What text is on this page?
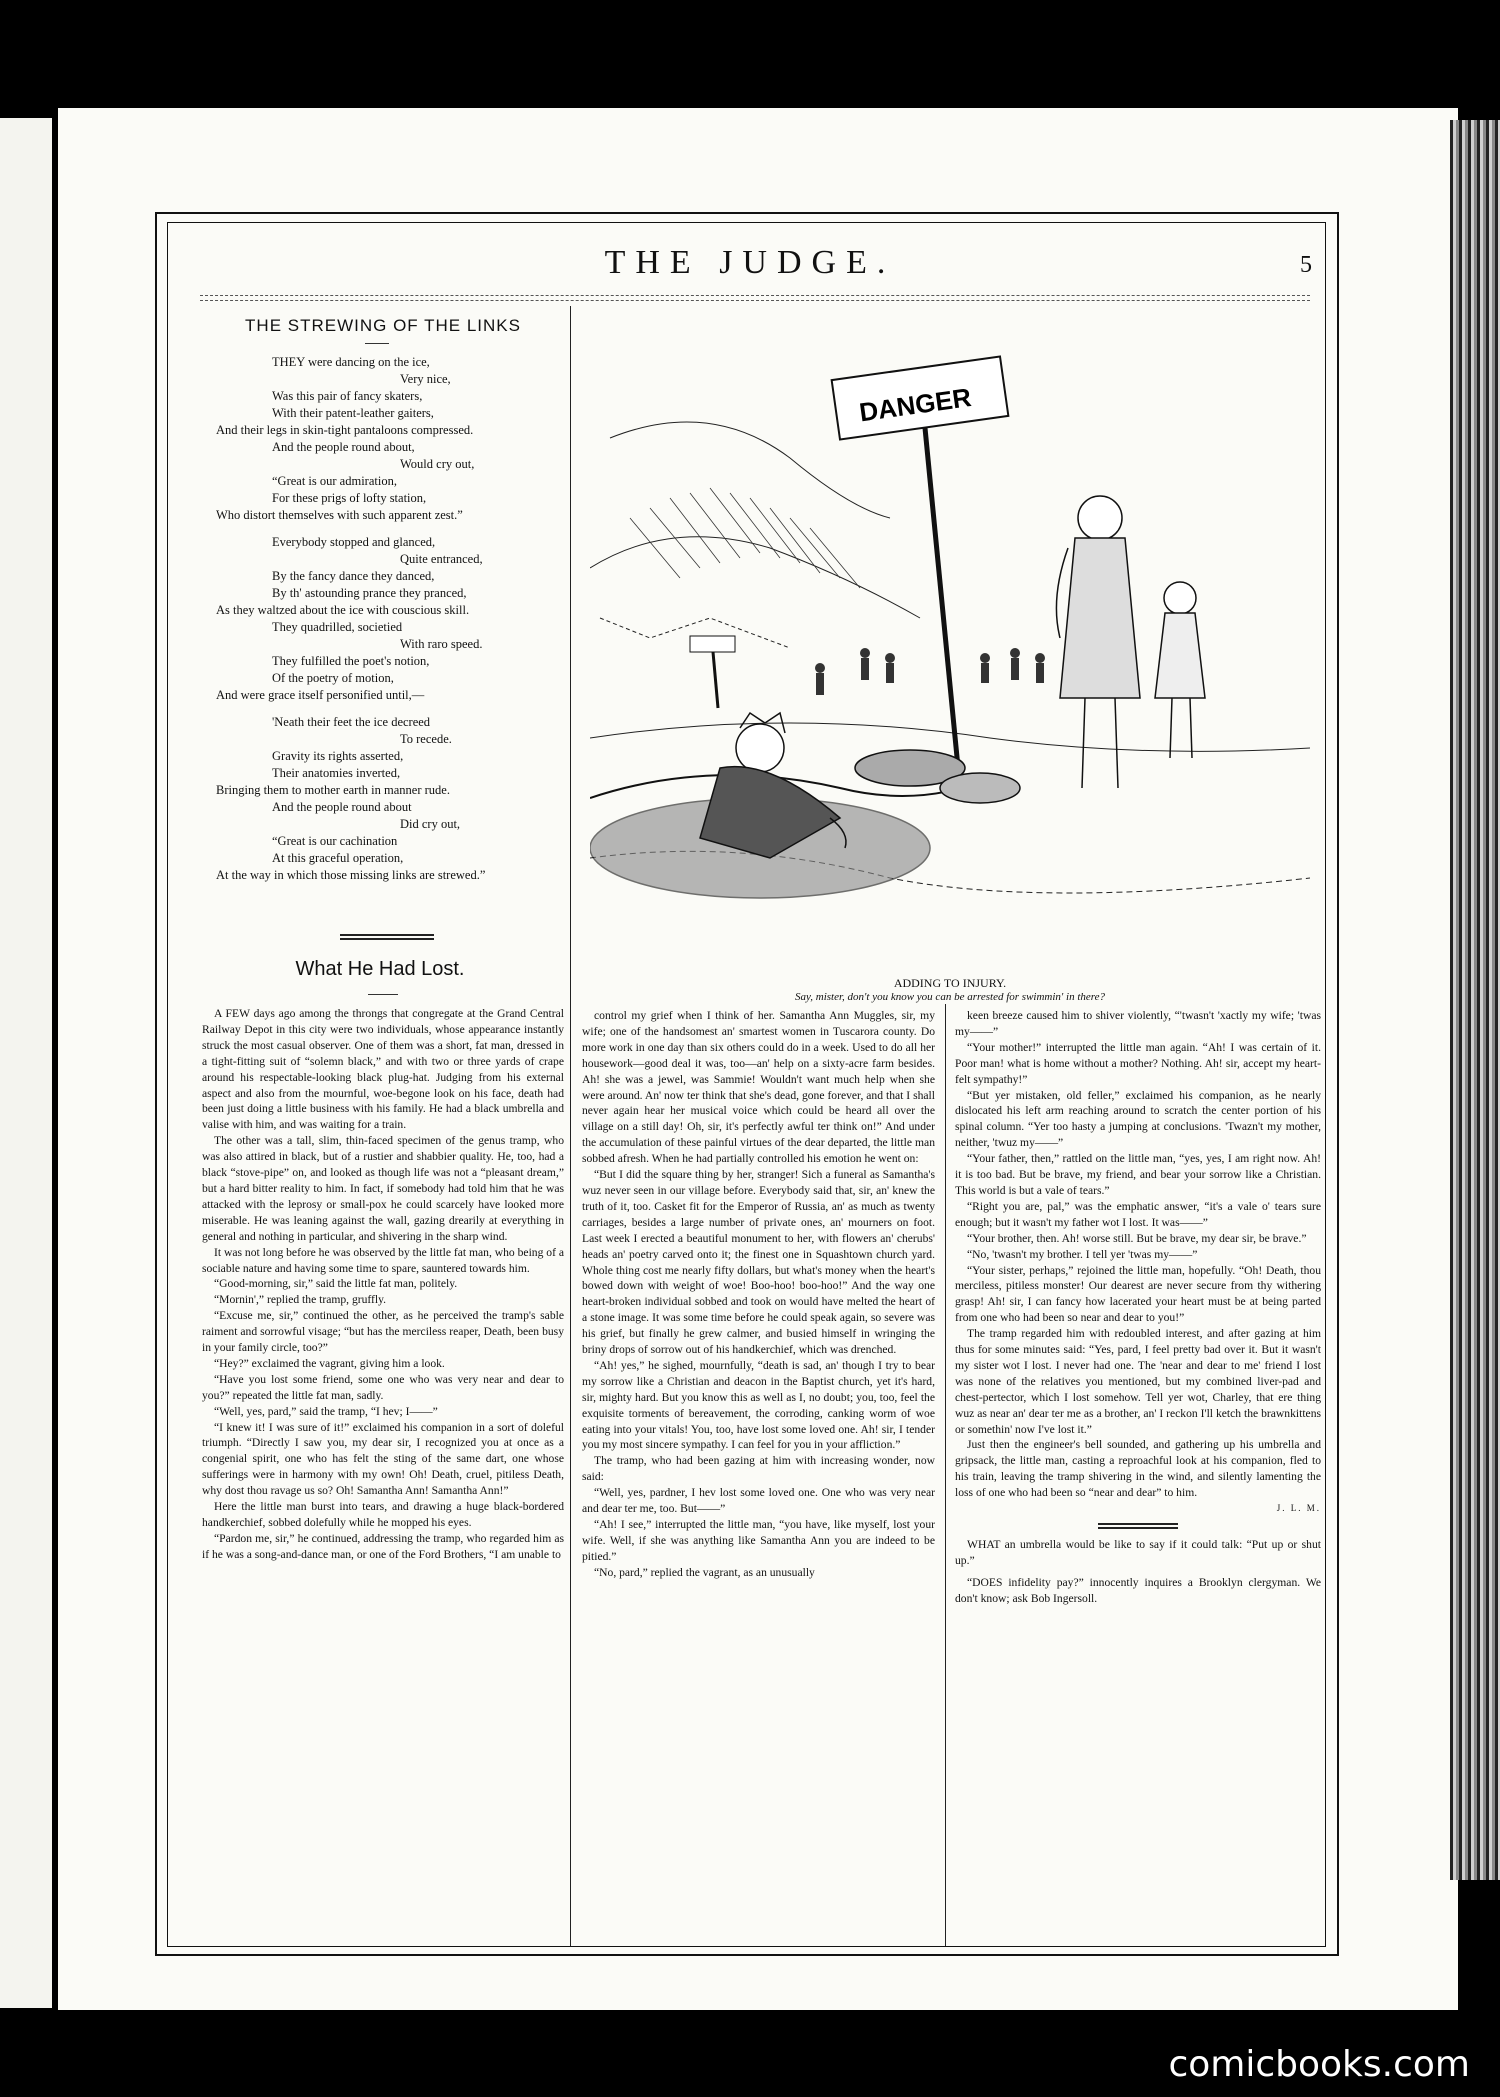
THE JUDGE.	5
THE STREWING OF THE LINKS
THEY were dancing on the ice,
Very nice,
Was this pair of fancy skaters,
With their patent-leather gaiters,
And their legs in skin-tight pantaloons compressed.
And the people round about,
Would cry out,
“Great is our admiration,
For these prigs of lofty station,
Who distort themselves with such apparent zest.”
Everybody stopped and glanced,
Quite entranced,
By the fancy dance they danced,
By th' astounding prance they pranced,
As they waltzed about the ice with couscious skill.
They quadrilled, societied
With raro speed.
They fulfilled the poet's notion,
Of the poetry of motion,
And were grace itself personified until,—
'Neath their feet the ice decreed
To recede.
Gravity its rights asserted,
Their anatomies inverted,
Bringing them to mother earth in manner rude.
And the people round about
Did cry out,
“Great is our cachination
At this graceful operation,
At the way in which those missing links are strewed.”
What He Had Lost.

A FEW days ago among the throngs that congregate at the Grand Central Railway Depot in this city were two individuals, whose appearance instantly struck the most casual observer. One of them was a short, fat man, dressed in a tight-fitting suit of “solemn black,” and with two or three yards of crape around his respectable-looking black plug-hat. Judging from his external aspect and also from the mournful, woe-begone look on his face, death had been just doing a little business with his family. He had a black umbrella and valise with him, and was waiting for a train.

The other was a tall, slim, thin-faced specimen of the genus tramp, who was also attired in black, but of a rustier and shabbier quality. He, too, had a black “stove-pipe” on, and looked as though life was not a “pleasant dream,” but a hard bitter reality to him. In fact, if somebody had told him that he was attacked with the leprosy or small-pox he could scarcely have looked more miserable. He was leaning against the wall, gazing drearily at everything in general and nothing in particular, and shivering in the sharp wind.

It was not long before he was observed by the little fat man, who being of a sociable nature and having some time to spare, sauntered towards him.

“Good-morning, sir,” said the little fat man, politely.

“Mornin',” replied the tramp, gruffly.

“Excuse me, sir,” continued the other, as he perceived the tramp's sable raiment and sorrowful visage; “but has the merciless reaper, Death, been busy in your family circle, too?”

“Hey?” exclaimed the vagrant, giving him a look.

“Have you lost some friend, some one who was very near and dear to you?” repeated the little fat man, sadly.

“Well, yes, pard,” said the tramp, “I hev; I——”

“I knew it! I was sure of it!” exclaimed his companion in a sort of doleful triumph. “Directly I saw you, my dear sir, I recognized you at once as a congenial spirit, one who has felt the sting of the same dart, one whose sufferings were in harmony with my own! Oh! Death, cruel, pitiless Death, why dost thou ravage us so? Oh! Samantha Ann! Samantha Ann!”

Here the little man burst into tears, and drawing a huge black-bordered handkerchief, sobbed dolefully while he mopped his eyes.

“Pardon me, sir,” he continued, addressing the tramp, who regarded him as if he was a song-and-dance man, or one of the Ford Brothers, “I am unable to

control my grief when I think of her. Samantha Ann Muggles, sir, my wife; one of the handsomest an' smartest women in Tuscarora county. Do more work in one day than six others could do in a week. Used to do all her housework—good deal it was, too—an' help on a sixty-acre farm besides. Ah! she was a jewel, was Sammie! Wouldn't want much help when she were around. An' now ter think that she's dead, gone forever, and that I shall never again hear her musical voice which could be heard all over the village on a still day! Oh, sir, it's perfectly awful ter think on!” And under the accumulation of these painful virtues of the dear departed, the little man sobbed afresh. When he had partially controlled his emotion he went on:

“But I did the square thing by her, stranger! Sich a funeral as Samantha's wuz never seen in our village before. Everybody said that, sir, an' knew the truth of it, too. Casket fit for the Emperor of Russia, an' as much as twenty carriages, besides a large number of private ones, an' mourners on foot. Last week I erected a beautiful monument to her, with flowers an' cherubs' heads an' poetry carved onto it; the finest one in Squashtown church yard. Whole thing cost me nearly fifty dollars, but what's money when the heart's bowed down with weight of woe! Boo-hoo! boo-hoo!” And the way one heart-broken individual sobbed and took on would have melted the heart of a stone image. It was some time before he could speak again, so severe was his grief, but finally he grew calmer, and busied himself in wringing the briny drops of sorrow out of his handkerchief, which was drenched.

“Ah! yes,” he sighed, mournfully, “death is sad, an' though I try to bear my sorrow like a Christian and deacon in the Baptist church, yet it's hard, sir, mighty hard. But you know this as well as I, no doubt; you, too, feel the exquisite torments of bereavement, the corroding, canking worm of woe eating into your vitals! You, too, have lost some loved one. Ah! sir, I tender you my most sincere sympathy. I can feel for you in your affliction.”

The tramp, who had been gazing at him with increasing wonder, now said:

“Well, yes, pardner, I hev lost some loved one. One who was very near and dear ter me, too. But——”

“Ah! I see,” interrupted the little man, “you have, like myself, lost your wife. Well, if she was anything like Samantha Ann you are indeed to be pitied.”

“No, pard,” replied the vagrant, as an unusually

keen breeze caused him to shiver violently, “'twasn't 'xactly my wife; 'twas my——”

“Your mother!” interrupted the little man again. “Ah! I was certain of it. Poor man! what is home without a mother? Nothing. Ah! sir, accept my heart-felt sympathy!”

“But yer mistaken, old feller,” exclaimed his companion, as he nearly dislocated his left arm reaching around to scratch the center portion of his spinal column. “Yer too hasty a jumping at conclusions. 'Twazn't my mother, neither, 'twuz my——”

“Your father, then,” rattled on the little man, “yes, yes, I am right now. Ah! it is too bad. But be brave, my friend, and bear your sorrow like a Christian. This world is but a vale of tears.”

“Right you are, pal,” was the emphatic answer, “it's a vale o' tears sure enough; but it wasn't my father wot I lost. It was——”

“Your brother, then. Ah! worse still. But be brave, my dear sir, be brave.”

“No, 'twasn't my brother. I tell yer 'twas my——”

“Your sister, perhaps,” rejoined the little man, hopefully. “Oh! Death, thou merciless, pitiless monster! Our dearest are never secure from thy withering grasp! Ah! sir, I can fancy how lacerated your heart must be at being parted from one who had been so near and dear to you!”

The tramp regarded him with redoubled interest, and after gazing at him thus for some minutes said: “Yes, pard, I feel pretty bad over it. But it wasn't my sister wot I lost. I never had one. The 'near and dear to me' friend I lost was none of the relatives you mentioned, but my combined liver-pad and chest-pertector, which I lost somehow. Tell yer wot, Charley, that ere thing wuz as near an' dear ter me as a brother, an' I reckon I'll ketch the brawnkittens or somethin' now I've lost it.”

Just then the engineer's bell sounded, and gathering up his umbrella and gripsack, the little man, casting a reproachful look at his companion, fled to his train, leaving the tramp shivering in the wind, and silently lamenting the loss of one who had been so “near and dear” to him.

J. L. M.

WHAT an umbrella would be like to say if it could talk: “Put up or shut up.”

“DOES infidelity pay?” innocently inquires a Brooklyn clergyman. We don't know; ask Bob Ingersoll.

DANGER
ADDING TO INJURY.
Say, mister, don't you know you can be arrested for swimmin' in there?
comicbooks.com
